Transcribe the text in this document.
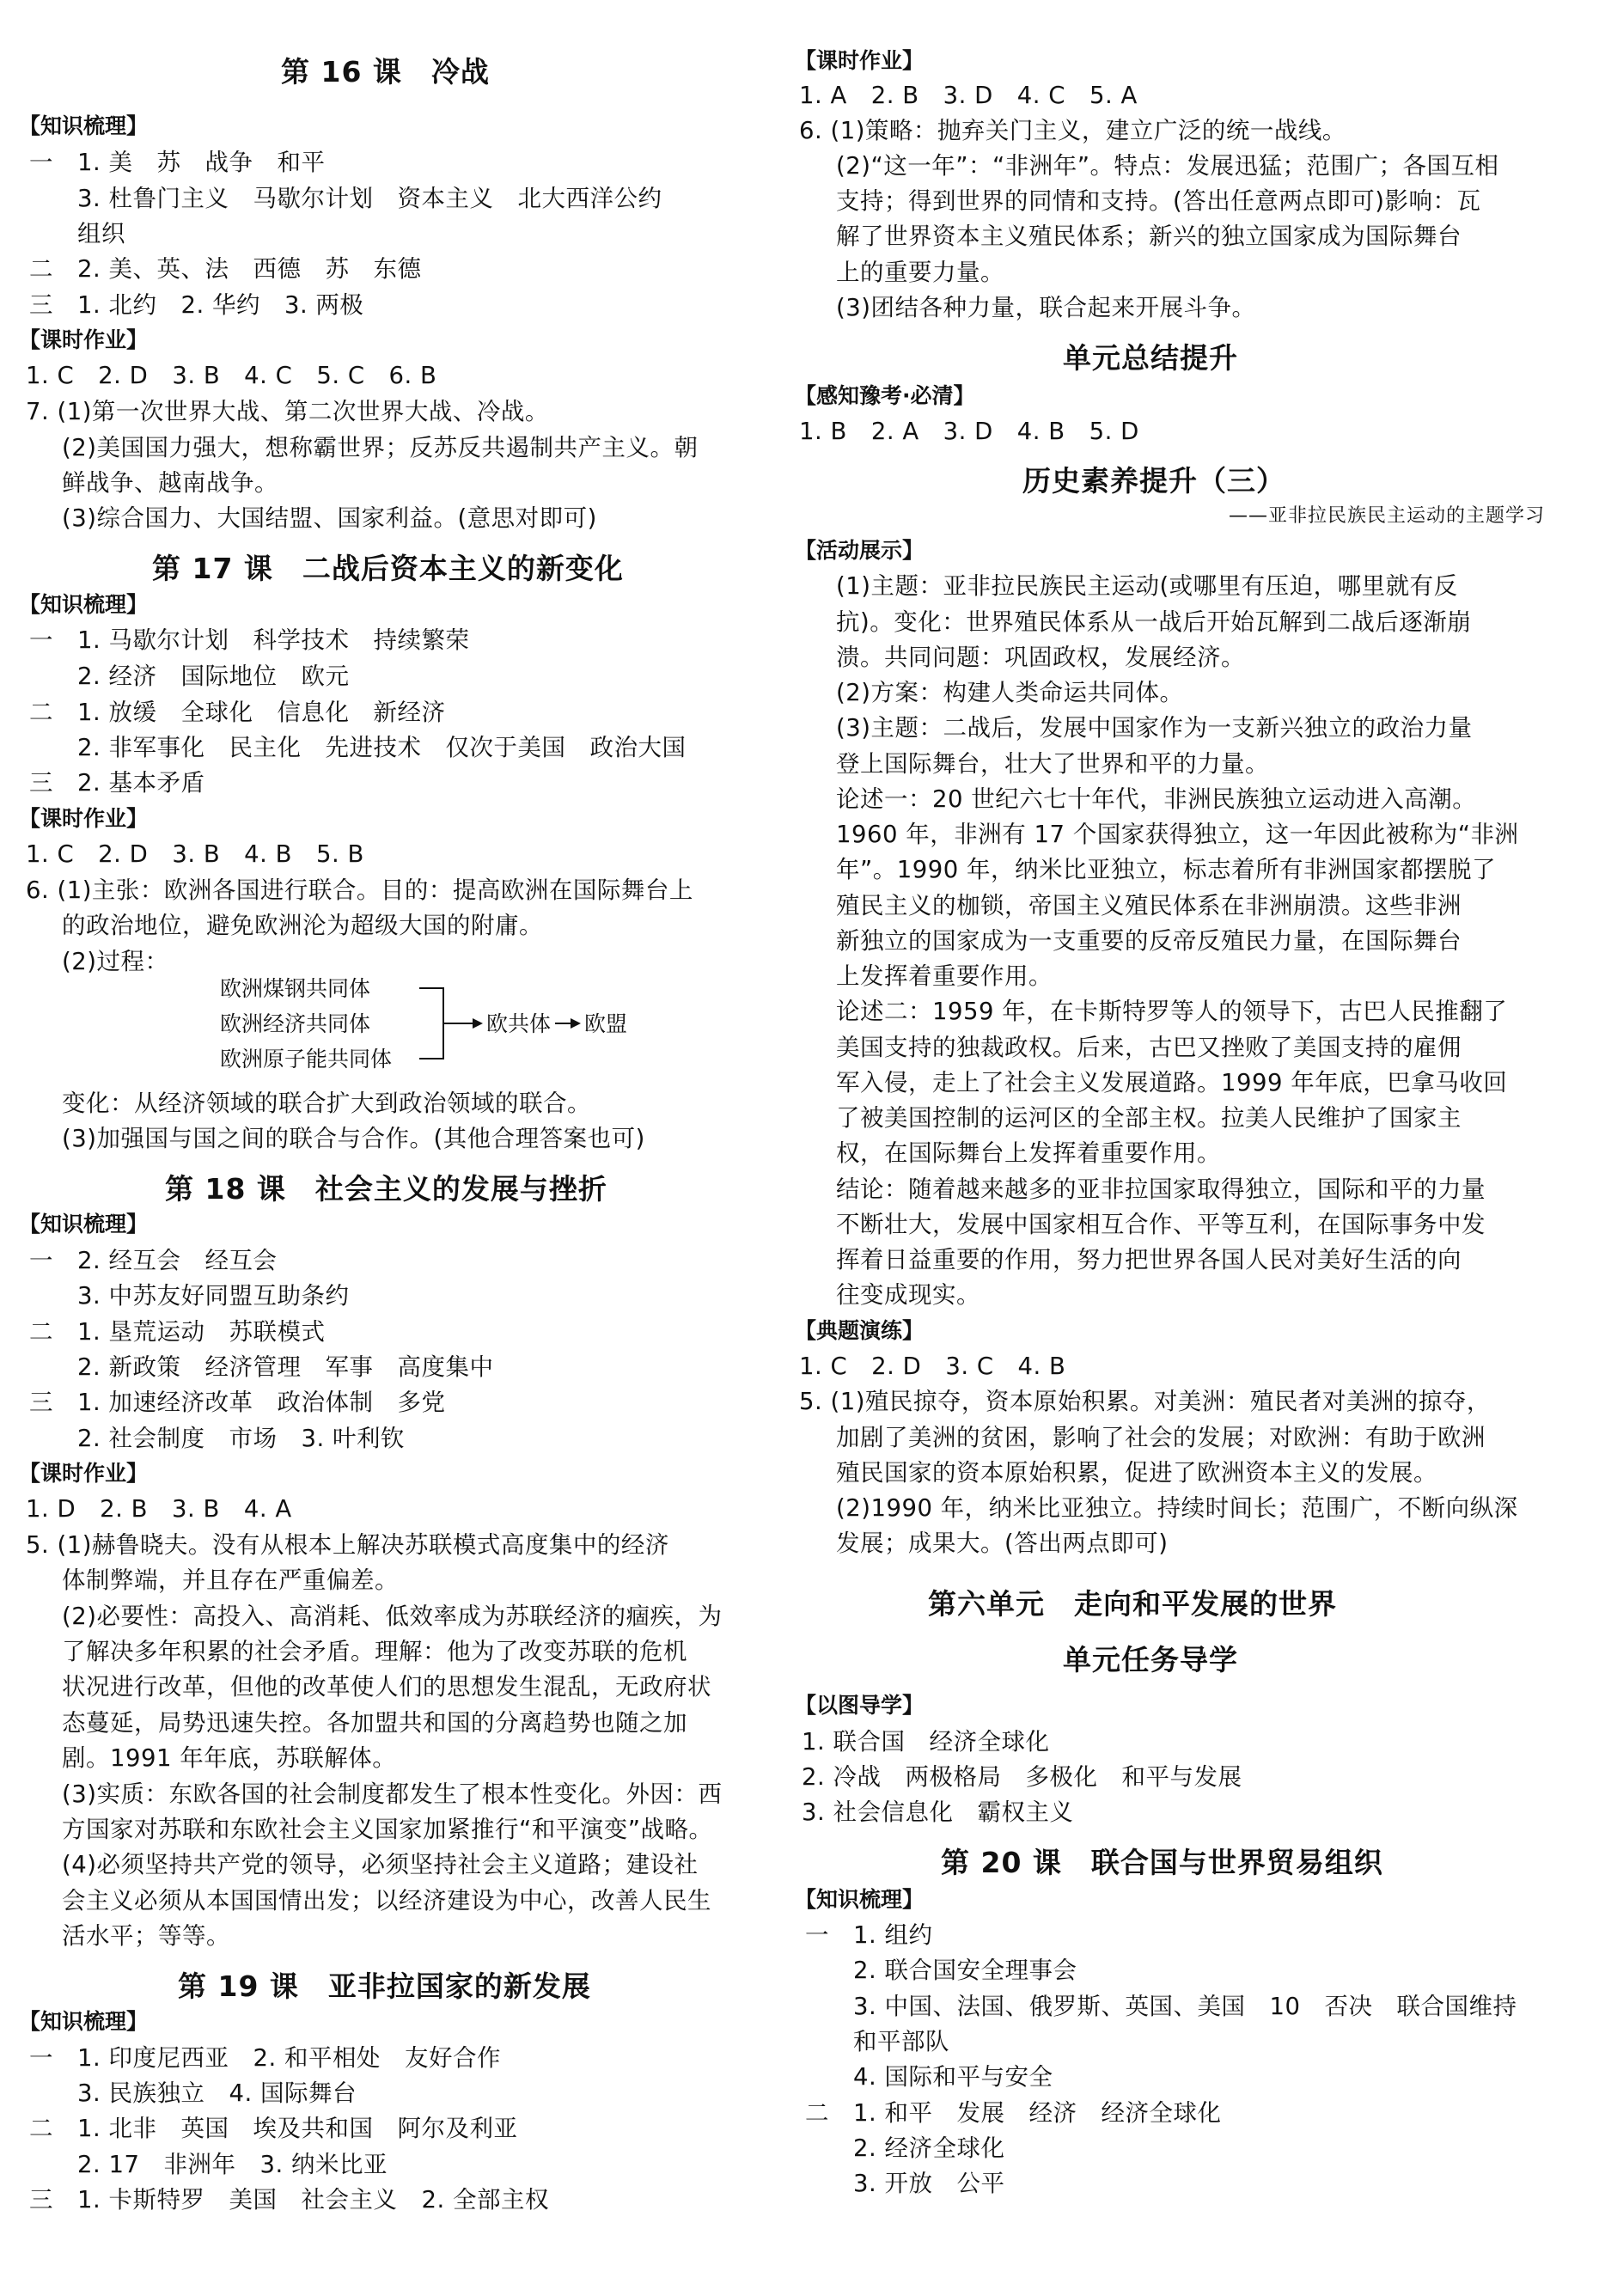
第 16 课　冷战
【知识梳理】
一　1. 美　苏　战争　和平
3. 杜鲁门主义　马歇尔计划　资本主义　北大西洋公约
组织
二　2. 美、英、法　西德　苏　东德
三　1. 北约　2. 华约　3. 两极
【课时作业】
1. C　2. D　3. B　4. C　5. C　6. B
7. (1)第一次世界大战、第二次世界大战、冷战。
(2)美国国力强大，想称霸世界；反苏反共遏制共产主义。朝
鲜战争、越南战争。
(3)综合国力、大国结盟、国家利益。(意思对即可)
第 17 课　二战后资本主义的新变化
【知识梳理】
一　1. 马歇尔计划　科学技术　持续繁荣
2. 经济　国际地位　欧元
二　1. 放缓　全球化　信息化　新经济
2. 非军事化　民主化　先进技术　仅次于美国　政治大国
三　2. 基本矛盾
【课时作业】
1. C　2. D　3. B　4. B　5. B
6. (1)主张：欧洲各国进行联合。目的：提高欧洲在国际舞台上
的政治地位，避免欧洲沦为超级大国的附庸。
(2)过程：
变化：从经济领域的联合扩大到政治领域的联合。
(3)加强国与国之间的联合与合作。(其他合理答案也可)
第 18 课　社会主义的发展与挫折
【知识梳理】
一　2. 经互会　经互会
3. 中苏友好同盟互助条约
二　1. 垦荒运动　苏联模式
2. 新政策　经济管理　军事　高度集中
三　1. 加速经济改革　政治体制　多党
2. 社会制度　市场　3. 叶利钦
【课时作业】
1. D　2. B　3. B　4. A
5. (1)赫鲁晓夫。没有从根本上解决苏联模式高度集中的经济
体制弊端，并且存在严重偏差。
(2)必要性：高投入、高消耗、低效率成为苏联经济的痼疾，为
了解决多年积累的社会矛盾。理解：他为了改变苏联的危机
状况进行改革，但他的改革使人们的思想发生混乱，无政府状
态蔓延，局势迅速失控。各加盟共和国的分离趋势也随之加
剧。1991 年年底，苏联解体。
(3)实质：东欧各国的社会制度都发生了根本性变化。外因：西
方国家对苏联和东欧社会主义国家加紧推行“和平演变”战略。
(4)必须坚持共产党的领导，必须坚持社会主义道路；建设社
会主义必须从本国国情出发；以经济建设为中心，改善人民生
活水平；等等。
第 19 课　亚非拉国家的新发展
【知识梳理】
一　1. 印度尼西亚　2. 和平相处　友好合作
3. 民族独立　4. 国际舞台
二　1. 北非　英国　埃及共和国　阿尔及利亚
2. 17　非洲年　3. 纳米比亚
三　1. 卡斯特罗　美国　社会主义　2. 全部主权
欧洲煤钢共同体
欧洲经济共同体
欧洲原子能共同体
欧共体 欧盟
【课时作业】
1. A　2. B　3. D　4. C　5. A
6. (1)策略：抛弃关门主义，建立广泛的统一战线。
(2)“这一年”：“非洲年”。特点：发展迅猛；范围广；各国互相
支持；得到世界的同情和支持。(答出任意两点即可)影响：瓦
解了世界资本主义殖民体系；新兴的独立国家成为国际舞台
上的重要力量。
(3)团结各种力量，联合起来开展斗争。
单元总结提升
【感知豫考·必清】
1. B　2. A　3. D　4. B　5. D
历史素养提升（三）
——亚非拉民族民主运动的主题学习
【活动展示】
(1)主题：亚非拉民族民主运动(或哪里有压迫，哪里就有反
抗)。变化：世界殖民体系从一战后开始瓦解到二战后逐渐崩
溃。共同问题：巩固政权，发展经济。
(2)方案：构建人类命运共同体。
(3)主题：二战后，发展中国家作为一支新兴独立的政治力量
登上国际舞台，壮大了世界和平的力量。
论述一：20 世纪六七十年代，非洲民族独立运动进入高潮。
1960 年，非洲有 17 个国家获得独立，这一年因此被称为“非洲
年”。1990 年，纳米比亚独立，标志着所有非洲国家都摆脱了
殖民主义的枷锁，帝国主义殖民体系在非洲崩溃。这些非洲
新独立的国家成为一支重要的反帝反殖民力量，在国际舞台
上发挥着重要作用。
论述二：1959 年，在卡斯特罗等人的领导下，古巴人民推翻了
美国支持的独裁政权。后来，古巴又挫败了美国支持的雇佣
军入侵，走上了社会主义发展道路。1999 年年底，巴拿马收回
了被美国控制的运河区的全部主权。拉美人民维护了国家主
权，在国际舞台上发挥着重要作用。
结论：随着越来越多的亚非拉国家取得独立，国际和平的力量
不断壮大，发展中国家相互合作、平等互利，在国际事务中发
挥着日益重要的作用，努力把世界各国人民对美好生活的向
往变成现实。
【典题演练】
1. C　2. D　3. C　4. B
5. (1)殖民掠夺，资本原始积累。对美洲：殖民者对美洲的掠夺，
加剧了美洲的贫困，影响了社会的发展；对欧洲：有助于欧洲
殖民国家的资本原始积累，促进了欧洲资本主义的发展。
(2)1990 年，纳米比亚独立。持续时间长；范围广，不断向纵深
发展；成果大。(答出两点即可)
第六单元　走向和平发展的世界
单元任务导学
【以图导学】
1. 联合国　经济全球化
2. 冷战　两极格局　多极化　和平与发展
3. 社会信息化　霸权主义
第 20 课　联合国与世界贸易组织
【知识梳理】
一　1. 组约
2. 联合国安全理事会
3. 中国、法国、俄罗斯、英国、美国　10　否决　联合国维持
和平部队
4. 国际和平与安全
二　1. 和平　发展　经济　经济全球化
2. 经济全球化
3. 开放　公平
